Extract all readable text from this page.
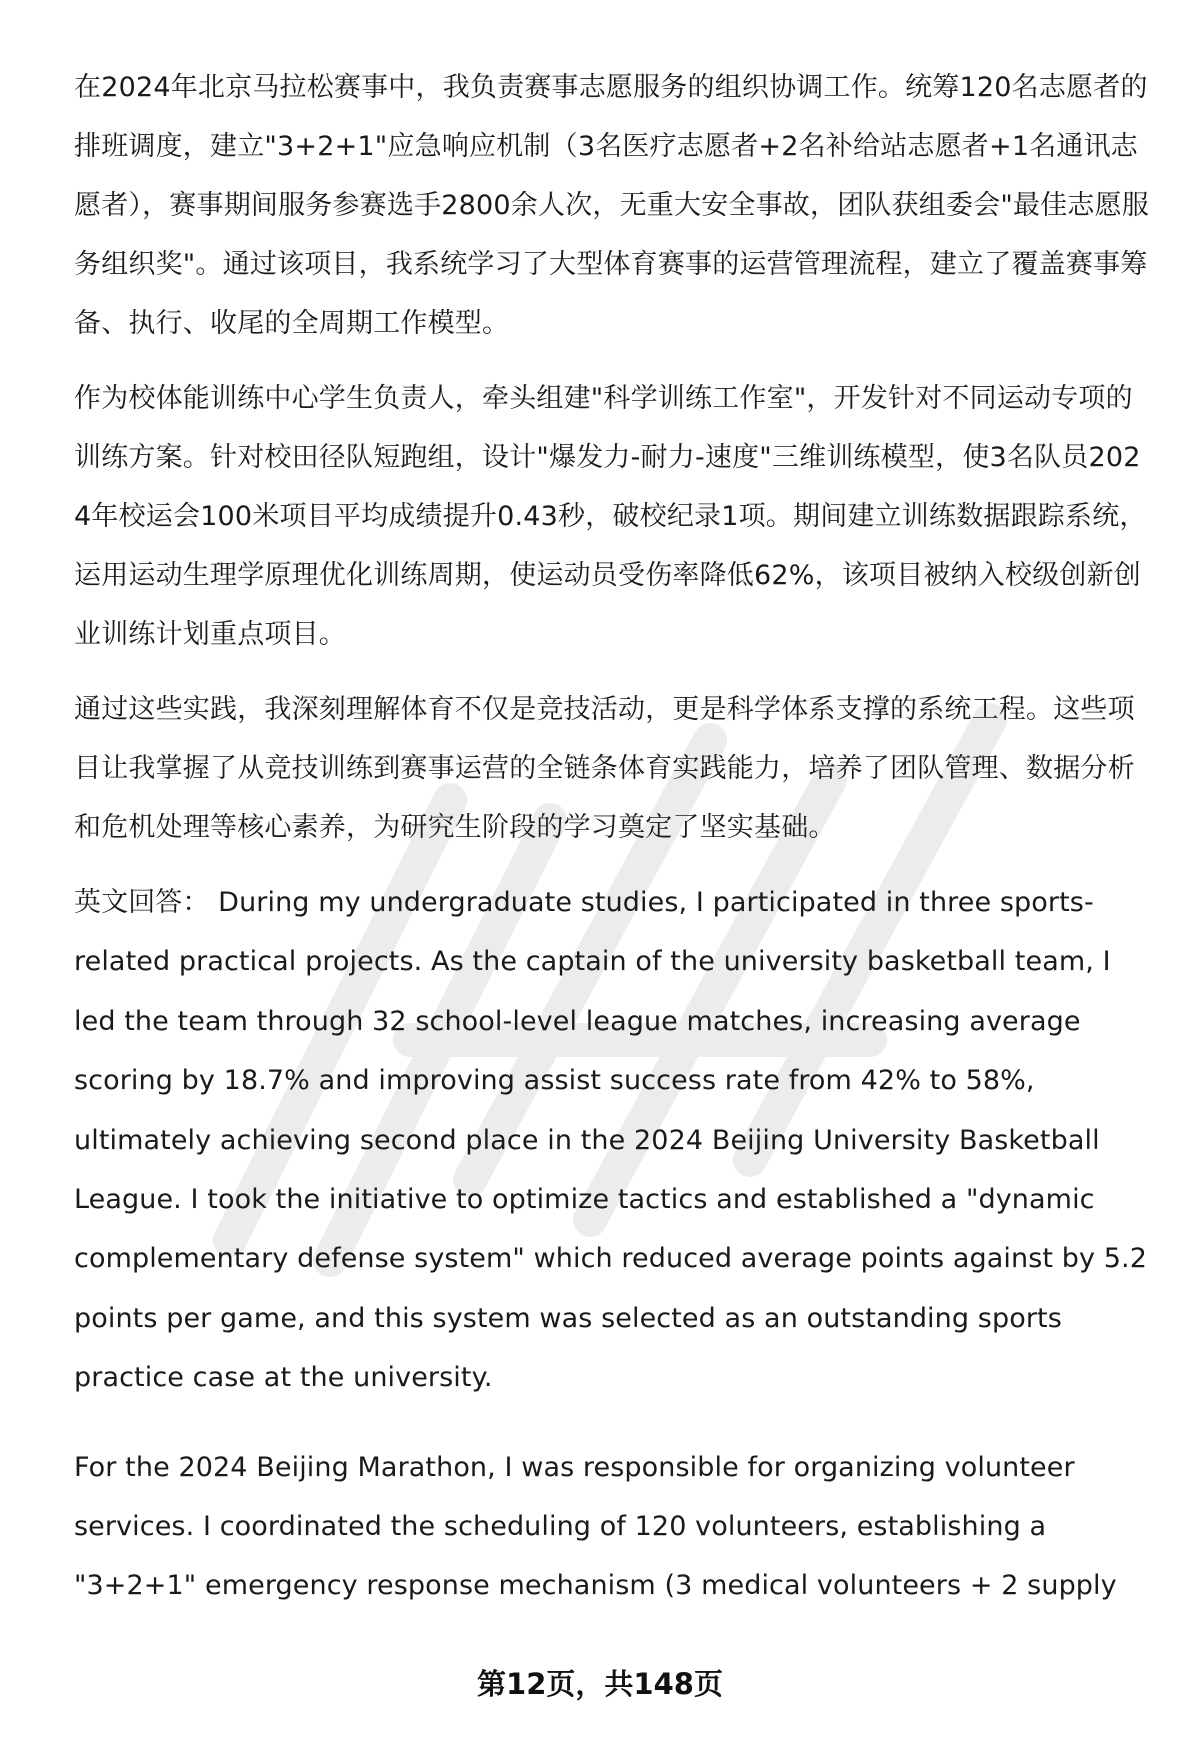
在2024年北京马拉松赛事中，我负责赛事志愿服务的组织协调工作。统筹120名志愿者的排班调度，建立"3+2+1"应急响应机制（3名医疗志愿者+2名补给站志愿者+1名通讯志愿者），赛事期间服务参赛选手2800余人次，无重大安全事故，团队获组委会"最佳志愿服务组织奖"。通过该项目，我系统学习了大型体育赛事的运营管理流程，建立了覆盖赛事筹备、执行、收尾的全周期工作模型。

作为校体能训练中心学生负责人，牵头组建"科学训练工作室"，开发针对不同运动专项的训练方案。针对校田径队短跑组，设计"爆发力-耐力-速度"三维训练模型，使3名队员2024年校运会100米项目平均成绩提升0.43秒，破校纪录1项。期间建立训练数据跟踪系统，运用运动生理学原理优化训练周期，使运动员受伤率降低62%，该项目被纳入校级创新创业训练计划重点项目。

通过这些实践，我深刻理解体育不仅是竞技活动，更是科学体系支撑的系统工程。这些项目让我掌握了从竞技训练到赛事运营的全链条体育实践能力，培养了团队管理、数据分析和危机处理等核心素养，为研究生阶段的学习奠定了坚实基础。

英文回答： During my undergraduate studies, I participated in three sports-related practical projects. As the captain of the university basketball team, I led the team through 32 school-level league matches, increasing average scoring by 18.7% and improving assist success rate from 42% to 58%, ultimately achieving second place in the 2024 Beijing University Basketball League. I took the initiative to optimize tactics and established a "dynamic complementary defense system" which reduced average points against by 5.2 points per game, and this system was selected as an outstanding sports practice case at the university.

For the 2024 Beijing Marathon, I was responsible for organizing volunteer services. I coordinated the scheduling of 120 volunteers, establishing a "3+2+1" emergency response mechanism (3 medical volunteers + 2 supply

第12页，共148页
